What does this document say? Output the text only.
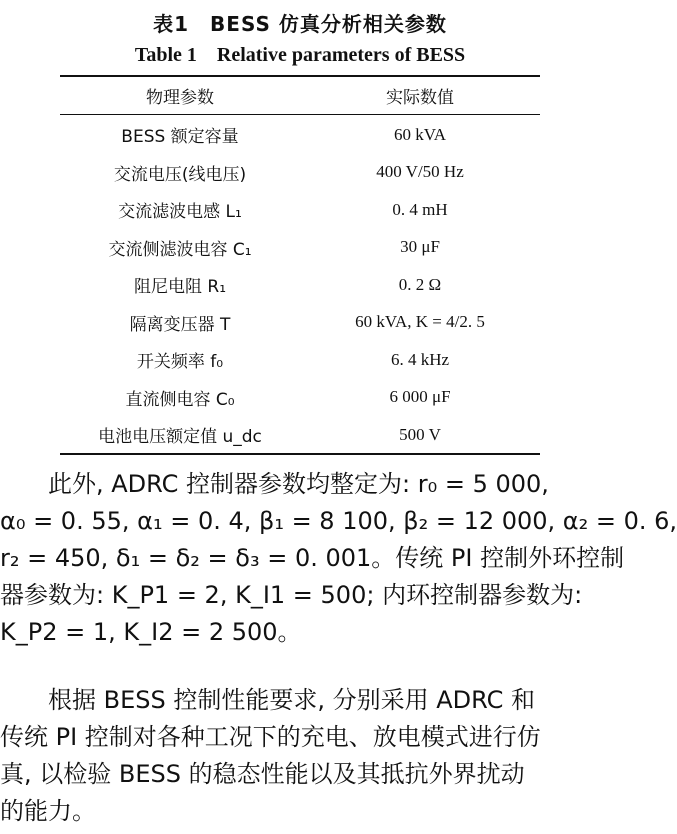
表1　BESS 仿真分析相关参数
Table 1　Relative parameters of BESS
物理参数	实际数值
BESS 额定容量	60 kVA
交流电压(线电压)	400 V/50 Hz
交流滤波电感 L₁	0. 4 mH
交流侧滤波电容 C₁	30 μF
阻尼电阻 R₁	0. 2 Ω
隔离变压器 T	60 kVA, K = 4/2. 5
开关频率 f₀	6. 4 kHz
直流侧电容 C₀	6 000 μF
电池电压额定值 u_dc	500 V
此外, ADRC 控制器参数均整定为: r₀ = 5 000,
α₀ = 0. 55, α₁ = 0. 4, β₁ = 8 100, β₂ = 12 000, α₂ = 0. 6,
r₂ = 450, δ₁ = δ₂ = δ₃ = 0. 001。传统 PI 控制外环控制
器参数为: K_P1 = 2, K_I1 = 500; 内环控制器参数为:
K_P2 = 1, K_I2 = 2 500。
根据 BESS 控制性能要求, 分别采用 ADRC 和
传统 PI 控制对各种工况下的充电、放电模式进行仿
真, 以检验 BESS 的稳态性能以及其抵抗外界扰动
的能力。
